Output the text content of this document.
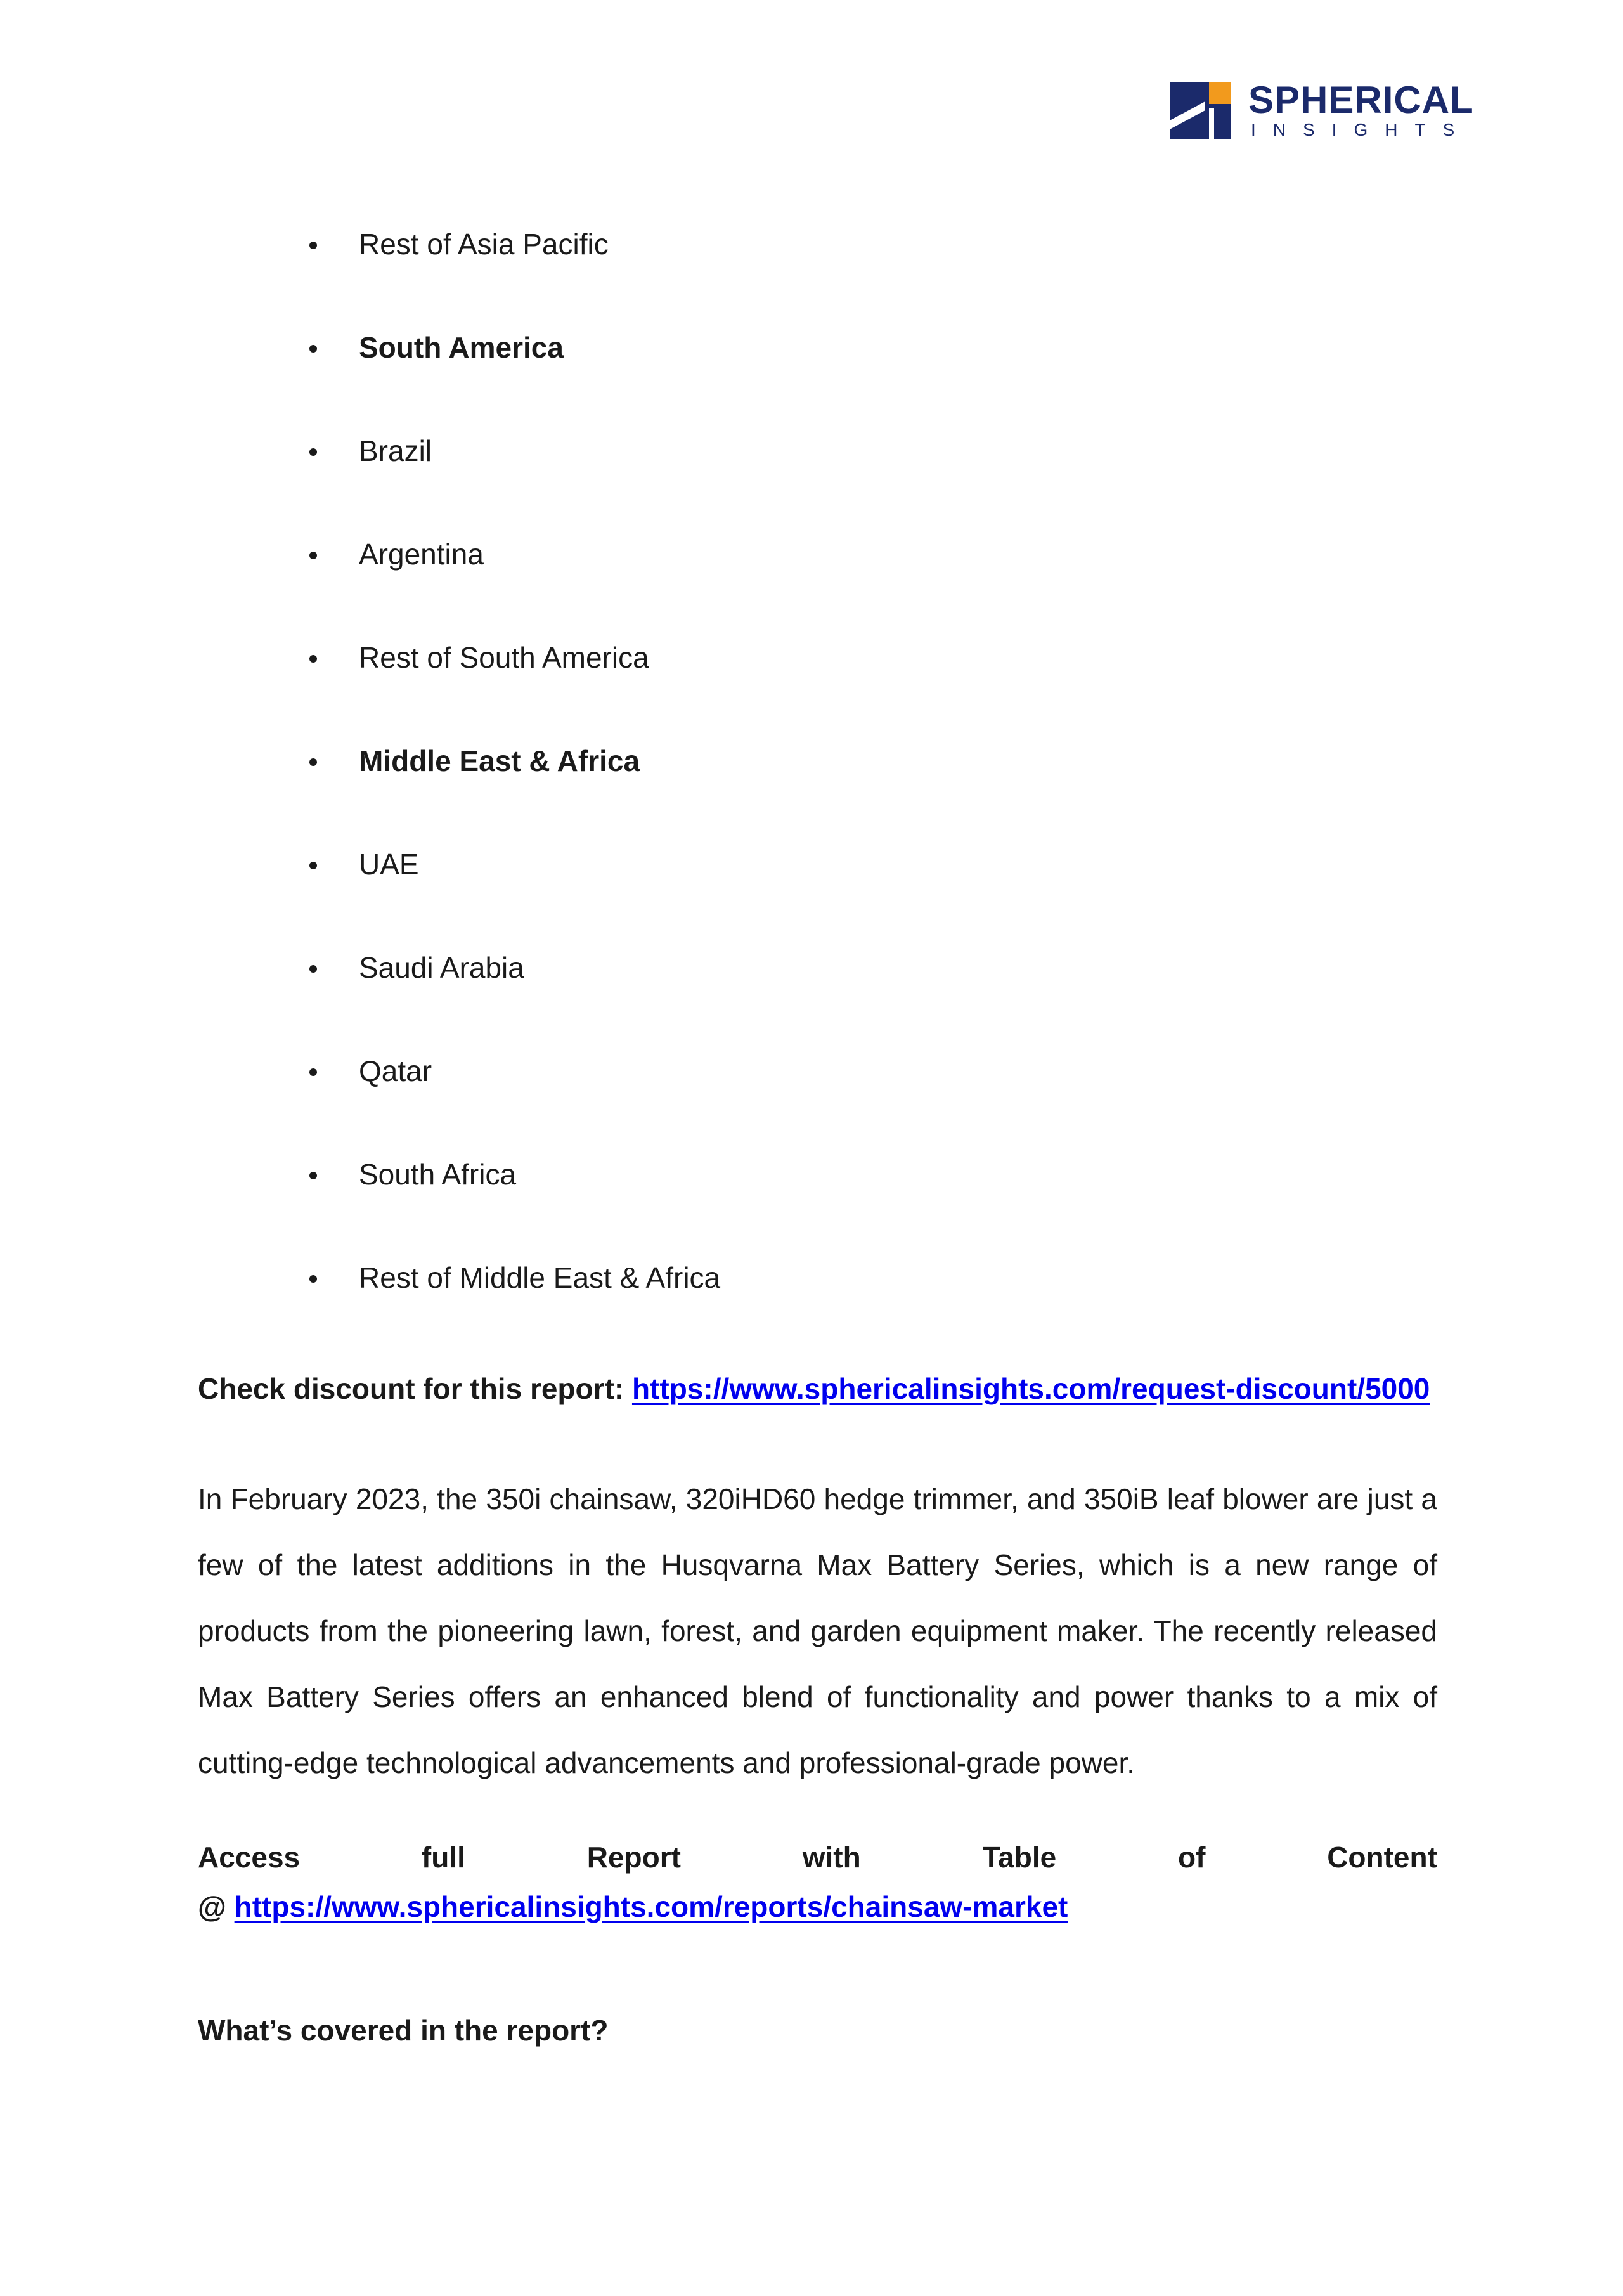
SPHERICAL
INSIGHTS
Rest of Asia Pacific
South America
Brazil
Argentina
Rest of South America
Middle East & Africa
UAE
Saudi Arabia
Qatar
South Africa
Rest of Middle East & Africa
Check discount for this report: https://www.sphericalinsights.com/request-discount/5000
In February 2023, the 350i chainsaw, 320iHD60 hedge trimmer, and 350iB leaf blower are just a few of the latest additions in the Husqvarna Max Battery Series, which is a new range of products from the pioneering lawn, forest, and garden equipment maker. The recently released Max Battery Series offers an enhanced blend of functionality and power thanks to a mix of cutting-edge technological advancements and professional-grade power.
Access	full	Report	with	Table	of	Content
@ https://www.sphericalinsights.com/reports/chainsaw-market
What’s covered in the report?
